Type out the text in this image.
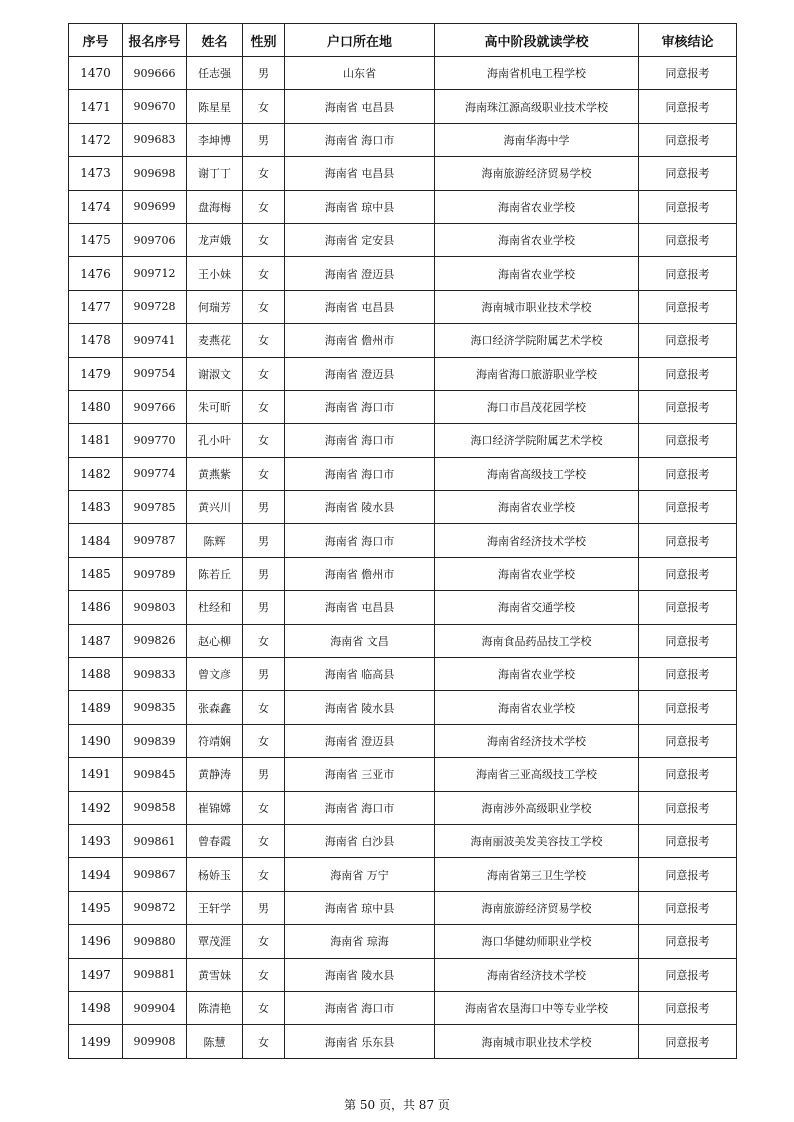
序号	报名序号	姓名	性别	户口所在地	高中阶段就读学校	审核结论
1470	909666	任志强	男	山东省	海南省机电工程学校	同意报考
1471	909670	陈星星	女	海南省 屯昌县	海南珠江源高级职业技术学校	同意报考
1472	909683	李坤博	男	海南省 海口市	海南华海中学	同意报考
1473	909698	谢丁丁	女	海南省 屯昌县	海南旅游经济贸易学校	同意报考
1474	909699	盘海梅	女	海南省 琼中县	海南省农业学校	同意报考
1475	909706	龙声娥	女	海南省 定安县	海南省农业学校	同意报考
1476	909712	王小妹	女	海南省 澄迈县	海南省农业学校	同意报考
1477	909728	何瑞芳	女	海南省 屯昌县	海南城市职业技术学校	同意报考
1478	909741	麦燕花	女	海南省 儋州市	海口经济学院附属艺术学校	同意报考
1479	909754	谢淑文	女	海南省 澄迈县	海南省海口旅游职业学校	同意报考
1480	909766	朱可昕	女	海南省 海口市	海口市昌茂花园学校	同意报考
1481	909770	孔小叶	女	海南省 海口市	海口经济学院附属艺术学校	同意报考
1482	909774	黄燕紫	女	海南省 海口市	海南省高级技工学校	同意报考
1483	909785	黄兴川	男	海南省 陵水县	海南省农业学校	同意报考
1484	909787	陈辉	男	海南省 海口市	海南省经济技术学校	同意报考
1485	909789	陈若丘	男	海南省 儋州市	海南省农业学校	同意报考
1486	909803	杜经和	男	海南省 屯昌县	海南省交通学校	同意报考
1487	909826	赵心柳	女	海南省 文昌	海南食品药品技工学校	同意报考
1488	909833	曾文彦	男	海南省 临高县	海南省农业学校	同意报考
1489	909835	张森鑫	女	海南省 陵水县	海南省农业学校	同意报考
1490	909839	符靖娴	女	海南省 澄迈县	海南省经济技术学校	同意报考
1491	909845	黄静涛	男	海南省 三亚市	海南省三亚高级技工学校	同意报考
1492	909858	崔锦嫦	女	海南省 海口市	海南涉外高级职业学校	同意报考
1493	909861	曾春霞	女	海南省 白沙县	海南丽波美发美容技工学校	同意报考
1494	909867	杨娇玉	女	海南省 万宁	海南省第三卫生学校	同意报考
1495	909872	王轩学	男	海南省 琼中县	海南旅游经济贸易学校	同意报考
1496	909880	覃茂涯	女	海南省 琼海	海口华健幼师职业学校	同意报考
1497	909881	黄雪妹	女	海南省 陵水县	海南省经济技术学校	同意报考
1498	909904	陈清艳	女	海南省 海口市	海南省农垦海口中等专业学校	同意报考
1499	909908	陈慧	女	海南省 乐东县	海南城市职业技术学校	同意报考
第 50 页，共 87 页
